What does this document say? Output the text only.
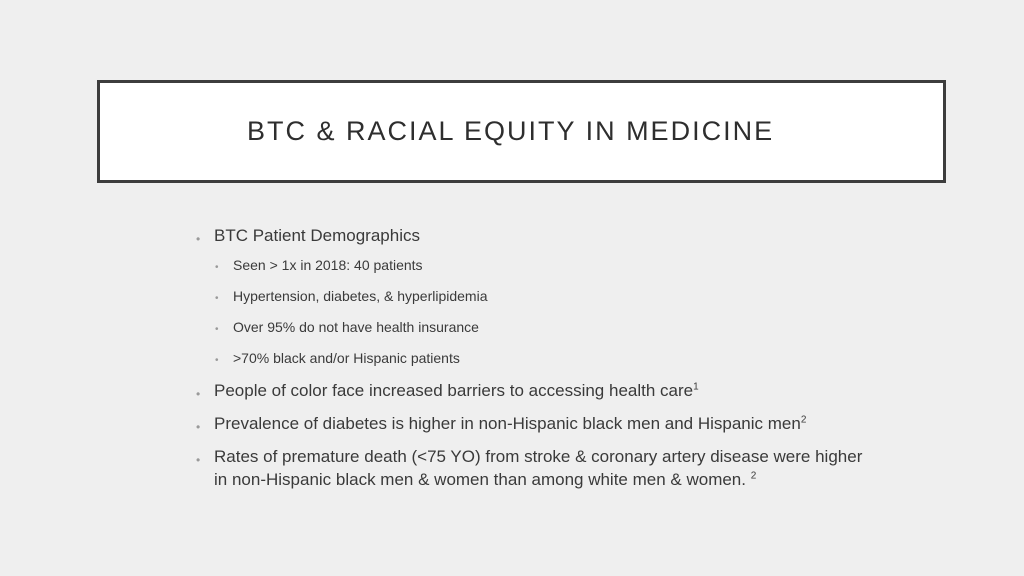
BTC & RACIAL EQUITY IN MEDICINE
• BTC Patient Demographics
• Seen > 1x in 2018: 40 patients
• Hypertension, diabetes, & hyperlipidemia
• Over 95% do not have health insurance
• >70% black and/or Hispanic patients
• People of color face increased barriers to accessing health care$^1$
• Prevalence of diabetes is higher in non-Hispanic black men and Hispanic men$^2$
• Rates of premature death (<75 YO) from stroke & coronary artery disease were higher
in non-Hispanic black men & women than among white men & women. $^2$
